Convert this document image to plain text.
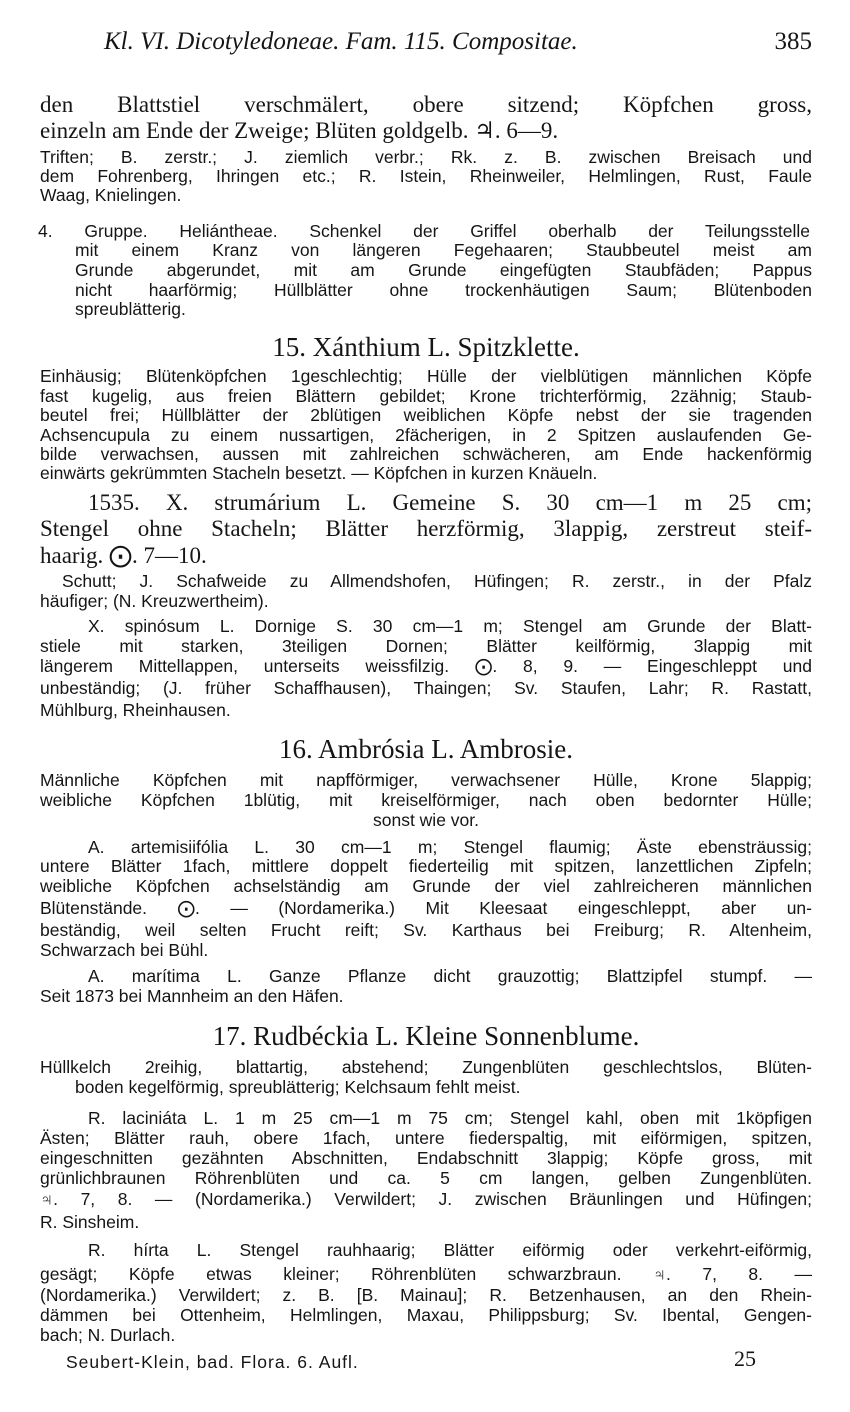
Kl. VI. Dicotyledoneae. Fam. 115. Compositae.	385
den Blattstiel verschmälert, obere sitzend; Köpfchen gross,
einzeln am Ende der Zweige; Blüten goldgelb. ♃. 6—9.
Triften; B. zerstr.; J. ziemlich verbr.; Rk. z. B. zwischen Breisach und
dem Fohrenberg, Ihringen etc.; R. Istein, Rheinweiler, Helmlingen, Rust, Faule
Waag, Knielingen.
4. Gruppe. Heliántheae. Schenkel der Griffel oberhalb der Teilungsstelle
mit einem Kranz von längeren Fegehaaren; Staubbeutel meist am
Grunde abgerundet, mit am Grunde eingefügten Staubfäden; Pappus
nicht haarförmig; Hüllblätter ohne trockenhäutigen Saum; Blütenboden
spreublätterig.
15. Xánthium L. Spitzklette.
Einhäusig; Blütenköpfchen 1geschlechtig; Hülle der vielblütigen männlichen Köpfe
fast kugelig, aus freien Blättern gebildet; Krone trichterförmig, 2zähnig; Staub-
beutel frei; Hüllblätter der 2blütigen weiblichen Köpfe nebst der sie tragenden
Achsencupula zu einem nussartigen, 2fächerigen, in 2 Spitzen auslaufenden Ge-
bilde verwachsen, aussen mit zahlreichen schwächeren, am Ende hackenförmig
einwärts gekrümmten Stacheln besetzt. — Köpfchen in kurzen Knäueln.
1535. X. strumárium L. Gemeine S. 30 cm—1 m 25 cm;
Stengel ohne Stacheln; Blätter herzförmig, 3lappig, zerstreut steif-
haarig. ⨀. 7—10.
Schutt; J. Schafweide zu Allmendshofen, Hüfingen; R. zerstr., in der Pfalz
häufiger; (N. Kreuzwertheim).
X. spinósum L. Dornige S. 30 cm—1 m; Stengel am Grunde der Blatt-
stiele mit starken, 3teiligen Dornen; Blätter keilförmig, 3lappig mit
längerem Mittellappen, unterseits weissfilzig. ⨀. 8, 9. — Eingeschleppt und
unbeständig; (J. früher Schaffhausen), Thaingen; Sv. Staufen, Lahr; R. Rastatt,
Mühlburg, Rheinhausen.
16. Ambrósia L. Ambrosie.
Männliche Köpfchen mit napfförmiger, verwachsener Hülle, Krone 5lappig;
weibliche Köpfchen 1blütig, mit kreiselförmiger, nach oben bedornter Hülle;
sonst wie vor.
A. artemisiifólia L. 30 cm—1 m; Stengel flaumig; Äste ebensträussig;
untere Blätter 1fach, mittlere doppelt fiederteilig mit spitzen, lanzettlichen Zipfeln;
weibliche Köpfchen achselständig am Grunde der viel zahlreicheren männlichen
Blütenstände. ⨀. — (Nordamerika.) Mit Kleesaat eingeschleppt, aber un-
beständig, weil selten Frucht reift; Sv. Karthaus bei Freiburg; R. Altenheim,
Schwarzach bei Bühl.
A. marítima L. Ganze Pflanze dicht grauzottig; Blattzipfel stumpf. —
Seit 1873 bei Mannheim an den Häfen.
17. Rudbéckia L. Kleine Sonnenblume.
Hüllkelch 2reihig, blattartig, abstehend; Zungenblüten geschlechtslos, Blüten-
boden kegelförmig, spreublätterig; Kelchsaum fehlt meist.
R. laciniáta L. 1 m 25 cm—1 m 75 cm; Stengel kahl, oben mit 1köpfigen
Ästen; Blätter rauh, obere 1fach, untere fiederspaltig, mit eiförmigen, spitzen,
eingeschnitten gezähnten Abschnitten, Endabschnitt 3lappig; Köpfe gross, mit
grünlichbraunen Röhrenblüten und ca. 5 cm langen, gelben Zungenblüten.
♃. 7, 8. — (Nordamerika.) Verwildert; J. zwischen Bräunlingen und Hüfingen;
R. Sinsheim.
R. hírta L. Stengel rauhhaarig; Blätter eiförmig oder verkehrt-eiförmig,
gesägt; Köpfe etwas kleiner; Röhrenblüten schwarzbraun. ♃. 7, 8. —
(Nordamerika.) Verwildert; z. B. [B. Mainau]; R. Betzenhausen, an den Rhein-
dämmen bei Ottenheim, Helmlingen, Maxau, Philippsburg; Sv. Ibental, Gengen-
bach; N. Durlach.
Seubert-Klein, bad. Flora. 6. Aufl.	25
